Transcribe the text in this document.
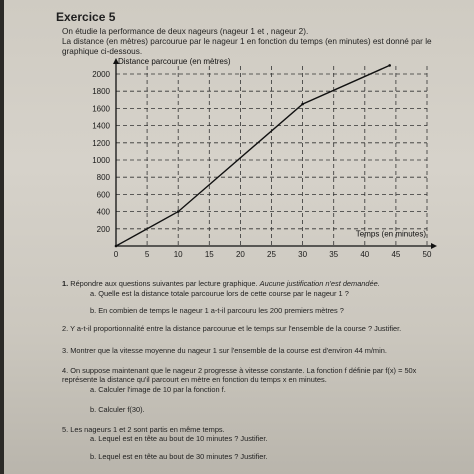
Exercice 5
On étudie la performance de deux nageurs (nageur 1 et , nageur 2).
La distance (en mètres) parcourue par le nageur 1 en fonction du temps (en minutes) est donné par le
graphique ci-dessous.
0	5	10	15	20	25	30	35	40	45	50
200
400
600
800
1000
1200
1400
1600
1800
2000
Distance parcourue (en mètres)
Temps (en minutes)
1. Répondre aux questions suivantes par lecture graphique. Aucune justification n'est demandée.
a. Quelle est la distance totale parcourue lors de cette course par le nageur 1 ?
b. En combien de temps le nageur 1 a-t-il parcouru les 200 premiers mètres ?
2. Y a-t-il proportionnalité entre la distance parcourue et le temps sur l'ensemble de la course ? Justifier.
3. Montrer que la vitesse moyenne du nageur 1 sur l'ensemble de la course est d'environ 44 m/min.
4. On suppose maintenant que le nageur 2 progresse à vitesse constante. La fonction f définie par f(x) = 50x
représente la distance qu'il parcourt en mètre en fonction du temps x en minutes.
a. Calculer l'image de 10 par la fonction f.
b. Calculer f(30).
5. Les nageurs 1 et 2 sont partis en même temps.
a. Lequel est en tête au bout de 10 minutes ? Justifier.
b. Lequel est en tête au bout de 30 minutes ? Justifier.
